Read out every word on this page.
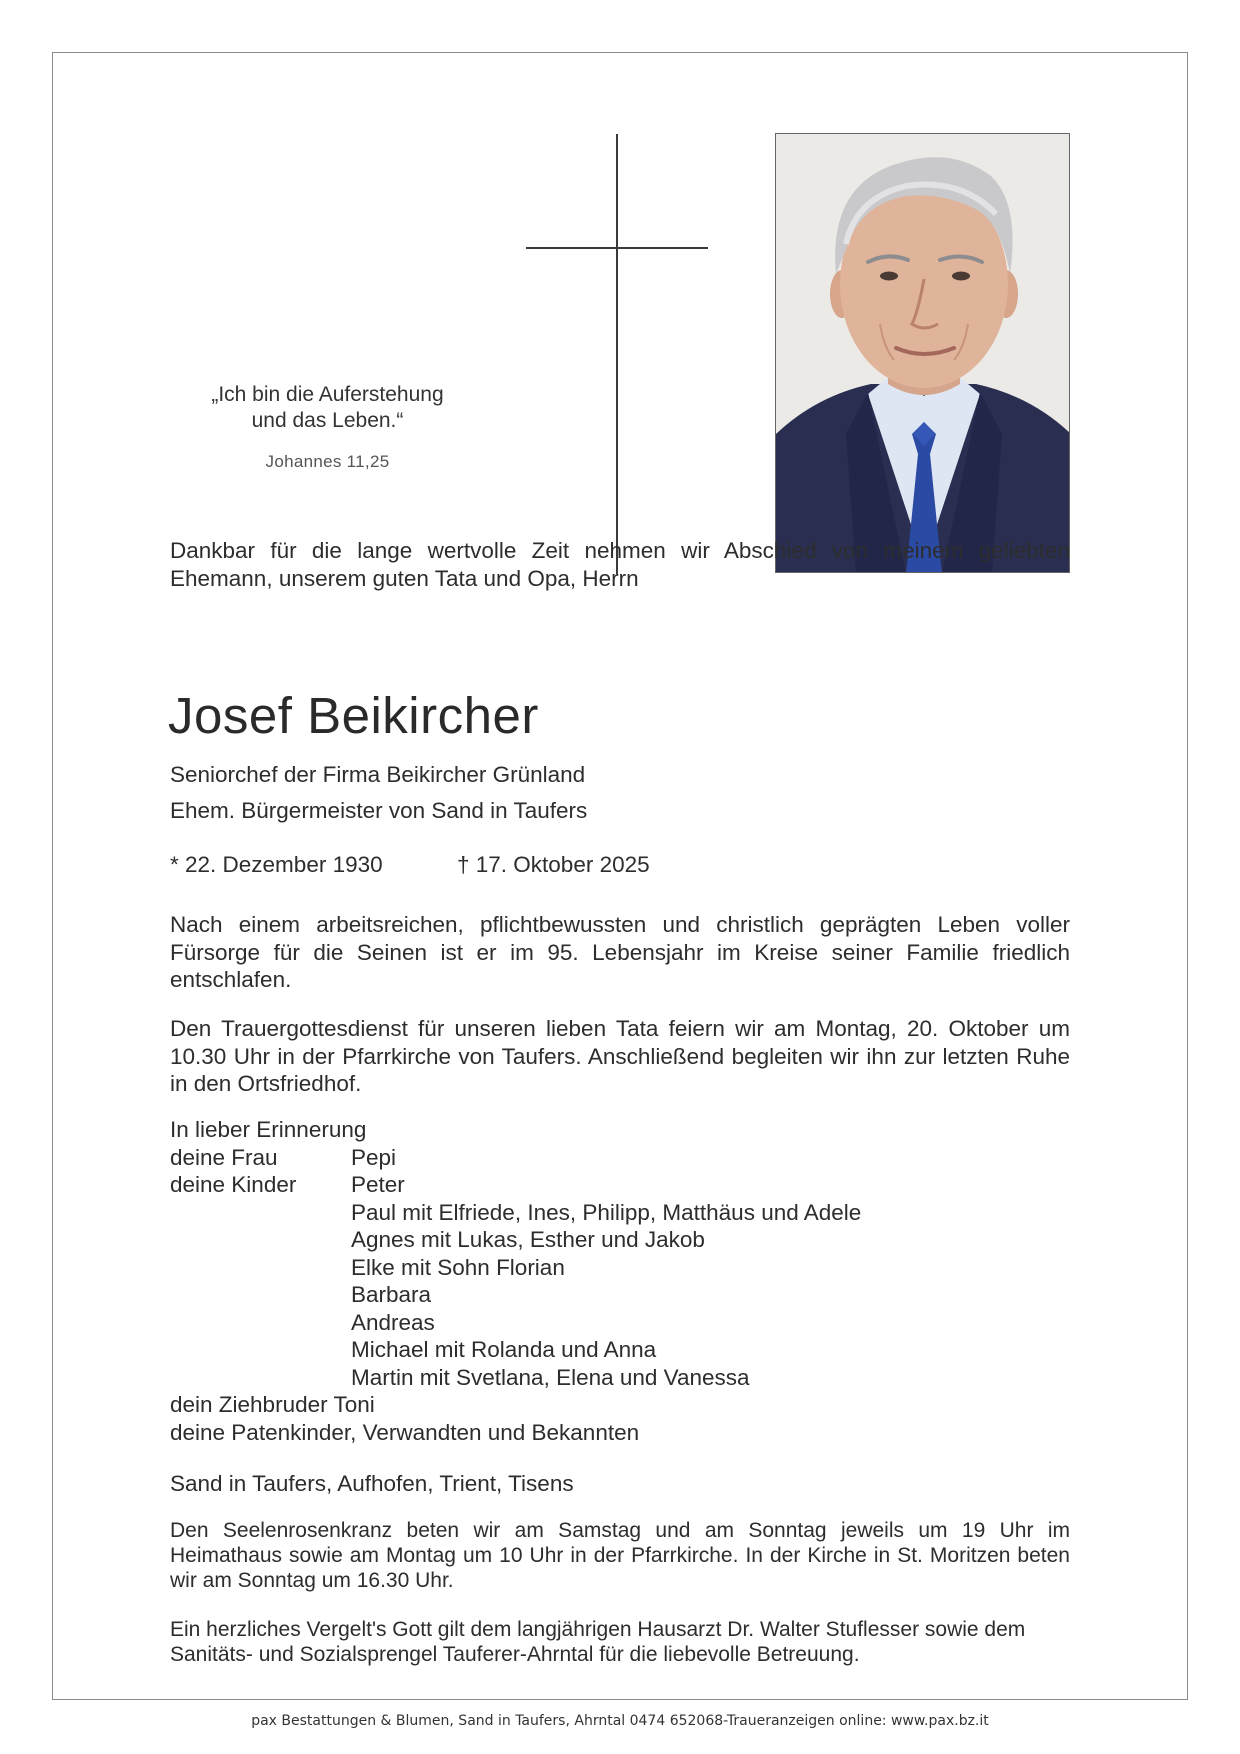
„Ich bin die Auferstehung
und das Leben.“
Johannes 11,25
Dankbar für die lange wertvolle Zeit nehmen wir Abschied von meinem geliebten Ehemann, unserem guten Tata und Opa, Herrn
Josef Beikircher
Seniorchef der Firma Beikircher Grünland
Ehem. Bürgermeister von Sand in Taufers
* 22. Dezember 1930	† 17. Oktober 2025
Nach einem arbeitsreichen, pflichtbewussten und christlich geprägten Leben voller Fürsorge für die Seinen ist er im 95. Lebensjahr im Kreise seiner Familie friedlich entschlafen.
Den Trauergottesdienst für unseren lieben Tata feiern wir am Montag, 20. Oktober um 10.30 Uhr in der Pfarrkirche von Taufers. Anschließend begleiten wir ihn zur letzten Ruhe in den Ortsfriedhof.
In lieber Erinnerung
deine Frau	Pepi
deine Kinder	Peter
Paul mit Elfriede, Ines, Philipp, Matthäus und Adele
Agnes mit Lukas, Esther und Jakob
Elke mit Sohn Florian
Barbara
Andreas
Michael mit Rolanda und Anna
Martin mit Svetlana, Elena und Vanessa
dein Ziehbruder Toni
deine Patenkinder, Verwandten und Bekannten
Sand in Taufers, Aufhofen, Trient, Tisens
Den Seelenrosenkranz beten wir am Samstag und am Sonntag jeweils um 19 Uhr im Heimathaus sowie am Montag um 10 Uhr in der Pfarrkirche. In der Kirche in St. Moritzen beten wir am Sonntag um 16.30 Uhr.
Ein herzliches Vergelt's Gott gilt dem langjährigen Hausarzt Dr. Walter Stuflesser sowie dem Sanitäts- und Sozialsprengel Tauferer-Ahrntal für die liebevolle Betreuung.
pax Bestattungen & Blumen, Sand in Taufers, Ahrntal 0474 652068-Traueranzeigen online: www.pax.bz.it
